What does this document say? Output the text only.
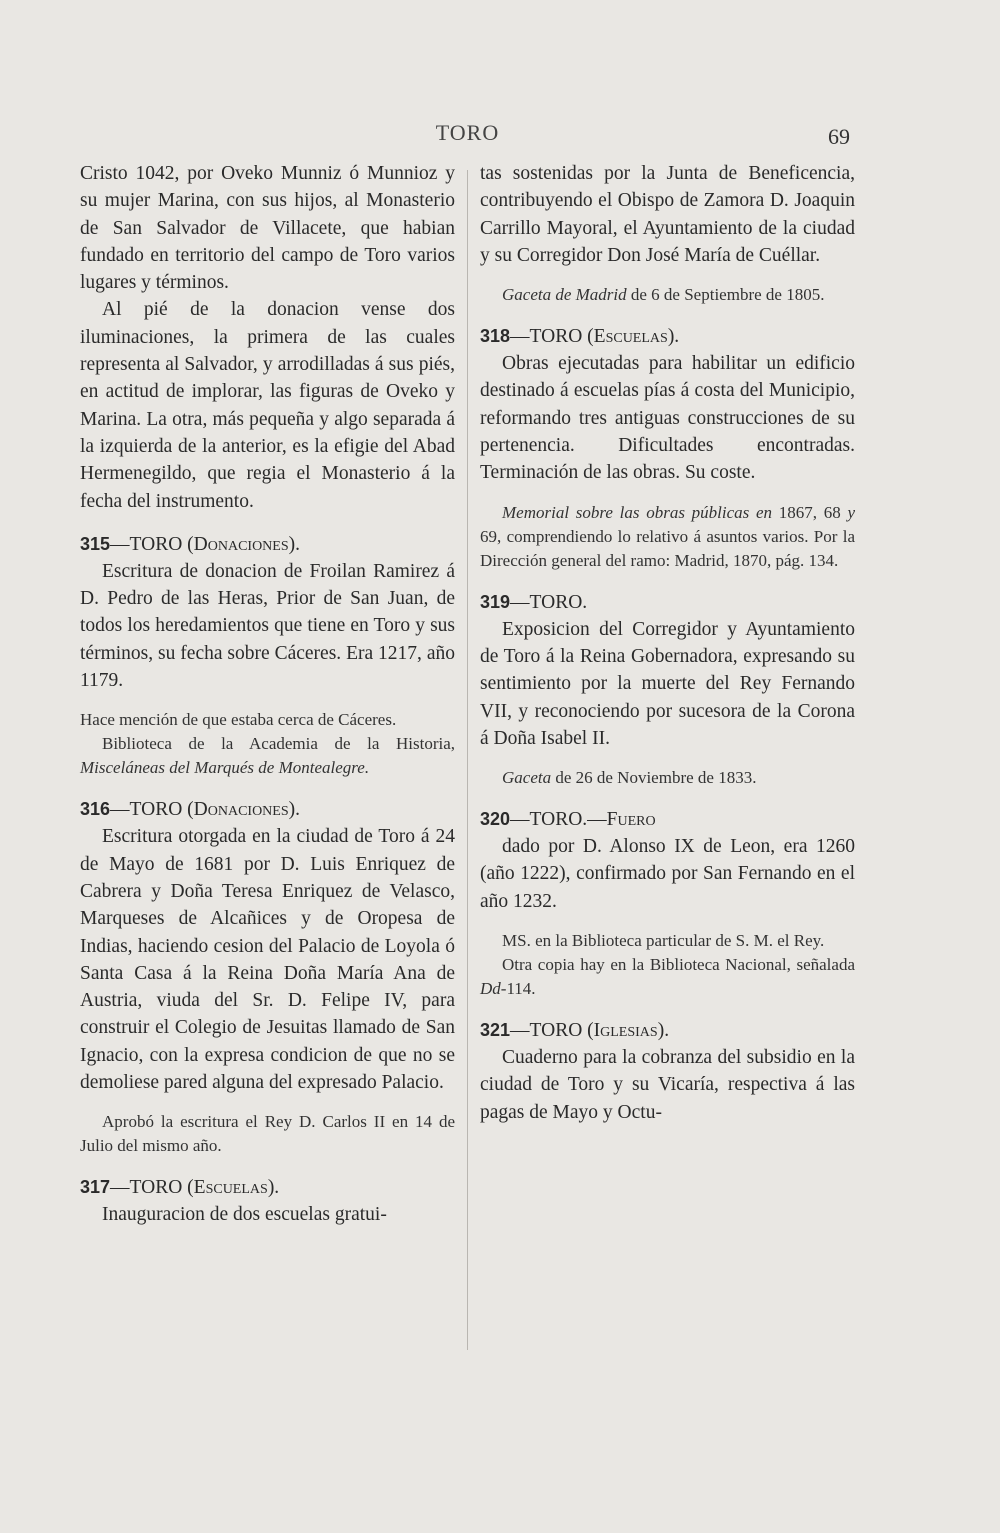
TORO	69

Cristo 1042, por Oveko Munniz ó Munnioz y su mujer Marina, con sus hijos, al Monasterio de San Salvador de Villacete, que habian fundado en territorio del campo de Toro varios lugares y términos.

Al pié de la donacion vense dos iluminaciones, la primera de las cuales representa al Salvador, y arrodilladas á sus piés, en actitud de implorar, las figuras de Oveko y Marina. La otra, más pequeña y algo separada á la izquierda de la anterior, es la efigie del Abad Hermenegildo, que regia el Monasterio á la fecha del instrumento.

315—TORO (Donaciones).

Escritura de donacion de Froilan Ramirez á D. Pedro de las Heras, Prior de San Juan, de todos los heredamientos que tiene en Toro y sus términos, su fecha sobre Cáceres. Era 1217, año 1179.

Hace mención de que estaba cerca de Cáceres.

Biblioteca de la Academia de la Historia, Misceláneas del Marqués de Montealegre.

316—TORO (Donaciones).

Escritura otorgada en la ciudad de Toro á 24 de Mayo de 1681 por D. Luis Enriquez de Cabrera y Doña Teresa Enriquez de Velasco, Marqueses de Alcañices y de Oropesa de Indias, haciendo cesion del Palacio de Loyola ó Santa Casa á la Reina Doña María Ana de Austria, viuda del Sr. D. Felipe IV, para construir el Colegio de Jesuitas llamado de San Ignacio, con la expresa condicion de que no se demoliese pared alguna del expresado Palacio.

Aprobó la escritura el Rey D. Carlos II en 14 de Julio del mismo año.

317—TORO (Escuelas).

Inauguracion de dos escuelas gratui-

tas sostenidas por la Junta de Beneficencia, contribuyendo el Obispo de Zamora D. Joaquin Carrillo Mayoral, el Ayuntamiento de la ciudad y su Corregidor Don José María de Cuéllar.

Gaceta de Madrid de 6 de Septiembre de 1805.

318—TORO (Escuelas).

Obras ejecutadas para habilitar un edificio destinado á escuelas pías á costa del Municipio, reformando tres antiguas construcciones de su pertenencia. Dificultades encontradas. Terminación de las obras. Su coste.

Memorial sobre las obras públicas en 1867, 68 y 69, comprendiendo lo relativo á asuntos varios. Por la Dirección general del ramo: Madrid, 1870, pág. 134.

319—TORO.

Exposicion del Corregidor y Ayuntamiento de Toro á la Reina Gobernadora, expresando su sentimiento por la muerte del Rey Fernando VII, y reconociendo por sucesora de la Corona á Doña Isabel II.

Gaceta de 26 de Noviembre de 1833.

320—TORO.—Fuero

dado por D. Alonso IX de Leon, era 1260 (año 1222), confirmado por San Fernando en el año 1232.

MS. en la Biblioteca particular de S. M. el Rey.

Otra copia hay en la Biblioteca Nacional, señalada Dd-114.

321—TORO (Iglesias).

Cuaderno para la cobranza del subsidio en la ciudad de Toro y su Vicaría, respectiva á las pagas de Mayo y Octu-
